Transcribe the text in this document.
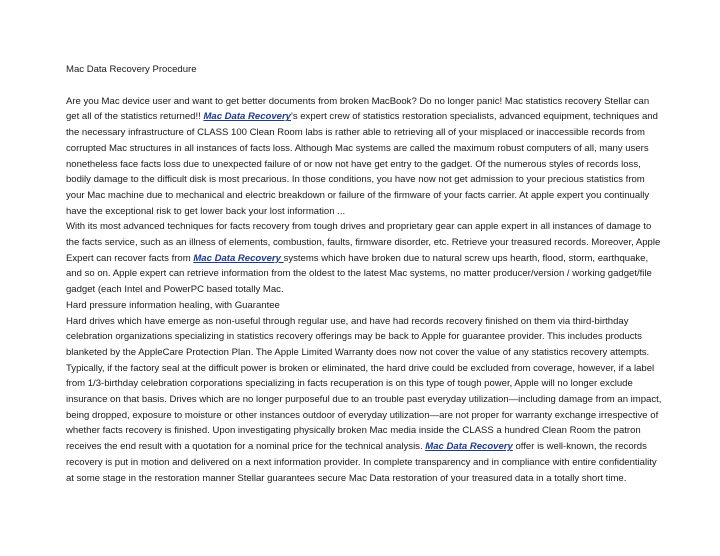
Mac Data Recovery Procedure

Are you Mac device user and want to get better documents from broken MacBook? Do no longer panic! Mac statistics recovery Stellar can get all of the statistics returned!! Mac Data Recovery's expert crew of statistics restoration specialists, advanced equipment, techniques and the necessary infrastructure of CLASS 100 Clean Room labs is rather able to retrieving all of your misplaced or inaccessible records from corrupted Mac structures in all instances of facts loss. Although Mac systems are called the maximum robust computers of all, many users nonetheless face facts loss due to unexpected failure of or now not have get entry to the gadget. Of the numerous styles of records loss, bodily damage to the difficult disk is most precarious. In those conditions, you have now not get admission to your precious statistics from your Mac machine due to mechanical and electric breakdown or failure of the firmware of your facts carrier. At apple expert you continually have the exceptional risk to get lower back your lost information ...

With its most advanced techniques for facts recovery from tough drives and proprietary gear can apple expert in all instances of damage to the facts service, such as an illness of elements, combustion, faults, firmware disorder, etc. Retrieve your treasured records. Moreover, Apple Expert can recover facts from Mac Data Recovery systems which have broken due to natural screw ups hearth, flood, storm, earthquake, and so on. Apple expert can retrieve information from the oldest to the latest Mac systems, no matter producer/version / working gadget/file gadget (each Intel and PowerPC based totally Mac.

Hard pressure information healing, with Guarantee

Hard drives which have emerge as non-useful through regular use, and have had records recovery finished on them via third-birthday celebration organizations specializing in statistics recovery offerings may be back to Apple for guarantee provider. This includes products blanketed by the AppleCare Protection Plan. The Apple Limited Warranty does now not cover the value of any statistics recovery attempts. Typically, if the factory seal at the difficult power is broken or eliminated, the hard drive could be excluded from coverage, however, if a label from 1/3-birthday celebration corporations specializing in facts recuperation is on this type of tough power, Apple will no longer exclude insurance on that basis. Drives which are no longer purposeful due to an trouble past everyday utilization—including damage from an impact, being dropped, exposure to moisture or other instances outdoor of everyday utilization—are not proper for warranty exchange irrespective of whether facts recovery is finished. Upon investigating physically broken Mac media inside the CLASS a hundred Clean Room the patron receives the end result with a quotation for a nominal price for the technical analysis. Mac Data Recovery offer is well-known, the records recovery is put in motion and delivered on a next information provider. In complete transparency and in compliance with entire confidentiality at some stage in the restoration manner Stellar guarantees secure Mac Data restoration of your treasured data in a totally short time.
